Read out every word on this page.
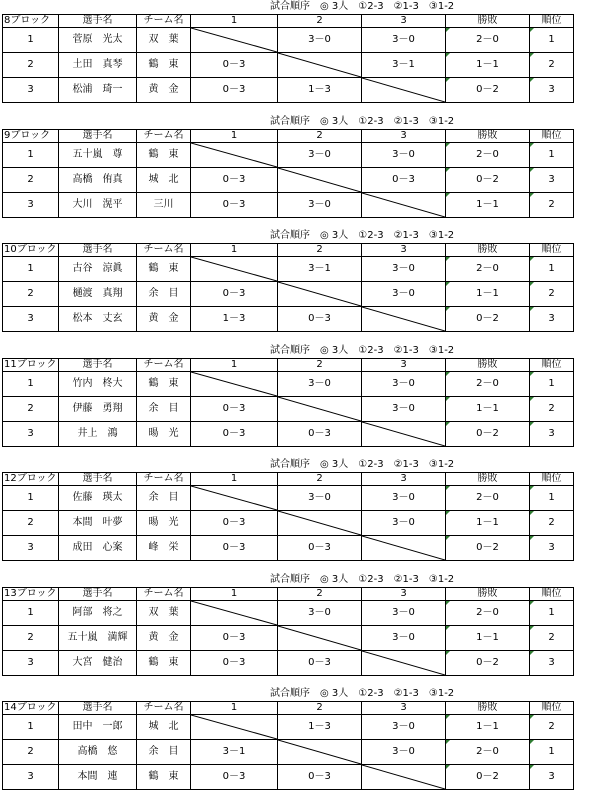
試合順序　◎ 3人　①2-3　②1-3　③1-2
8ブロック	選手名	チーム名	1	2	3	勝敗	順位
1	菅原　光太	双　葉		3－0	3－0	2－0	1
2	土田　真琴	鶴　東	0－3		3－1	1－1	2
3	松浦　琦一	黄　金	0－3	1－3		0－2	3
試合順序　◎ 3人　①2-3　②1-3　③1-2
9ブロック	選手名	チーム名	1	2	3	勝敗	順位
1	五十嵐　尊	鶴　東		3－0	3－0	2－0	1
2	高橋　侑真	城　北	0－3		0－3	0－2	3
3	大川　滉平	三川	0－3	3－0		1－1	2
試合順序　◎ 3人　①2-3　②1-3　③1-2
10ブロック	選手名	チーム名	1	2	3	勝敗	順位
1	古谷　涼眞	鶴　東		3－1	3－0	2－0	1
2	樋渡　真翔	余　目	0－3		3－0	1－1	2
3	松本　丈玄	黄　金	1－3	0－3		0－2	3
試合順序　◎ 3人　①2-3　②1-3　③1-2
11ブロック	選手名	チーム名	1	2	3	勝敗	順位
1	竹内　柊大	鶴　東		3－0	3－0	2－0	1
2	伊藤　勇翔	余　目	0－3		3－0	1－1	2
3	井上　鴻	暘　光	0－3	0－3		0－2	3
試合順序　◎ 3人　①2-3　②1-3　③1-2
12ブロック	選手名	チーム名	1	2	3	勝敗	順位
1	佐藤　瑛太	余　目		3－0	3－0	2－0	1
2	本間　叶夢	暘　光	0－3		3－0	1－1	2
3	成田　心案	峰　栄	0－3	0－3		0－2	3
試合順序　◎ 3人　①2-3　②1-3　③1-2
13ブロック	選手名	チーム名	1	2	3	勝敗	順位
1	阿部　将之	双　葉		3－0	3－0	2－0	1
2	五十嵐　満輝	黄　金	0－3		3－0	1－1	2
3	大宮　健治	鶴　東	0－3	0－3		0－2	3
試合順序　◎ 3人　①2-3　②1-3　③1-2
14ブロック	選手名	チーム名	1	2	3	勝敗	順位
1	田中　一郎	城　北		1－3	3－0	1－1	2
2	高橋　悠	余　目	3－1		3－0	2－0	1
3	本間　連	鶴　東	0－3	0－3		0－2	3
